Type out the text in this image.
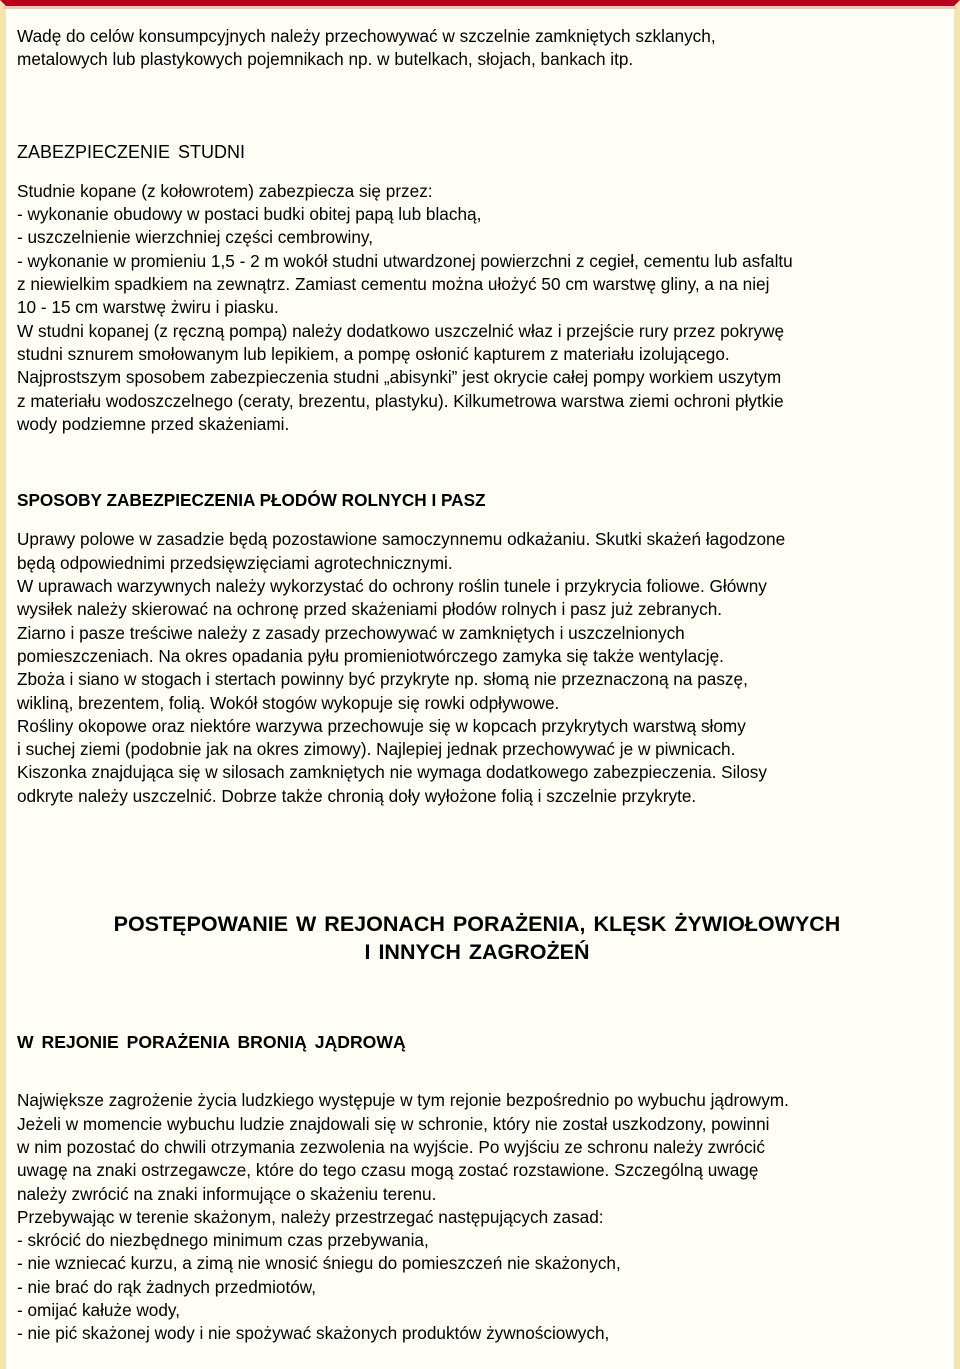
Wadę do celów konsumpcyjnych należy przechowywać w szczelnie zamkniętych szklanych,

metalowych lub plastykowych pojemnikach np. w butelkach, słojach, bankach itp.

ZABEZPIECZENIE STUDNI

Studnie kopane (z kołowrotem) zabezpiecza się przez:

- wykonanie obudowy w postaci budki obitej papą lub blachą,

- uszczelnienie wierzchniej części cembrowiny,

- wykonanie w promieniu 1,5 - 2 m wokół studni utwardzonej powierzchni z cegieł, cementu lub asfaltu

z niewielkim spadkiem na zewnątrz. Zamiast cementu można ułożyć 50 cm warstwę gliny, a na niej

10 - 15 cm warstwę żwiru i piasku.

W studni kopanej (z ręczną pompą) należy dodatkowo uszczelnić właz i przejście rury przez pokrywę

studni sznurem smołowanym lub lepikiem, a pompę osłonić kapturem z materiału izolującego.

Najprostszym sposobem zabezpieczenia studni „abisynki” jest okrycie całej pompy workiem uszytym

z materiału wodoszczelnego (ceraty, brezentu, plastyku). Kilkumetrowa warstwa ziemi ochroni płytkie

wody podziemne przed skażeniami.

SPOSOBY ZABEZPIECZENIA PŁODÓW ROLNYCH I PASZ

Uprawy polowe w zasadzie będą pozostawione samoczynnemu odkażaniu. Skutki skażeń łagodzone

będą odpowiednimi przedsięwzięciami agrotechnicznymi.

W uprawach warzywnych należy wykorzystać do ochrony roślin tunele i przykrycia foliowe. Główny

wysiłek należy skierować na ochronę przed skażeniami płodów rolnych i pasz już zebranych.

Ziarno i pasze treściwe należy z zasady przechowywać w zamkniętych i uszczelnionych

pomieszczeniach. Na okres opadania pyłu promieniotwórczego zamyka się także wentylację.

Zboża i siano w stogach i stertach powinny być przykryte np. słomą nie przeznaczoną na paszę,

wikliną, brezentem, folią. Wokół stogów wykopuje się rowki odpływowe.

Rośliny okopowe oraz niektóre warzywa przechowuje się w kopcach przykrytych warstwą słomy

i suchej ziemi (podobnie jak na okres zimowy). Najlepiej jednak przechowywać je w piwnicach.

Kiszonka znajdująca się w silosach zamkniętych nie wymaga dodatkowego zabezpieczenia. Silosy

odkryte należy uszczelnić. Dobrze także chronią doły wyłożone folią i szczelnie przykryte.

POSTĘPOWANIE W REJONACH PORAŻENIA, KLĘSK ŻYWIOŁOWYCH

I INNYCH ZAGROŻEŃ

W REJONIE PORAŻENIA BRONIĄ JĄDROWĄ

Największe zagrożenie życia ludzkiego występuje w tym rejonie bezpośrednio po wybuchu jądrowym.

Jeżeli w momencie wybuchu ludzie znajdowali się w schronie, który nie został uszkodzony, powinni

w nim pozostać do chwili otrzymania zezwolenia na wyjście. Po wyjściu ze schronu należy zwrócić

uwagę na znaki ostrzegawcze, które do tego czasu mogą zostać rozstawione. Szczególną uwagę

należy zwrócić na znaki informujące o skażeniu terenu.

Przebywając w terenie skażonym, należy przestrzegać następujących zasad:

- skrócić do niezbędnego minimum czas przebywania,

- nie wzniecać kurzu, a zimą nie wnosić śniegu do pomieszczeń nie skażonych,

- nie brać do rąk żadnych przedmiotów,

- omijać kałuże wody,

- nie pić skażonej wody i nie spożywać skażonych produktów żywnościowych,
